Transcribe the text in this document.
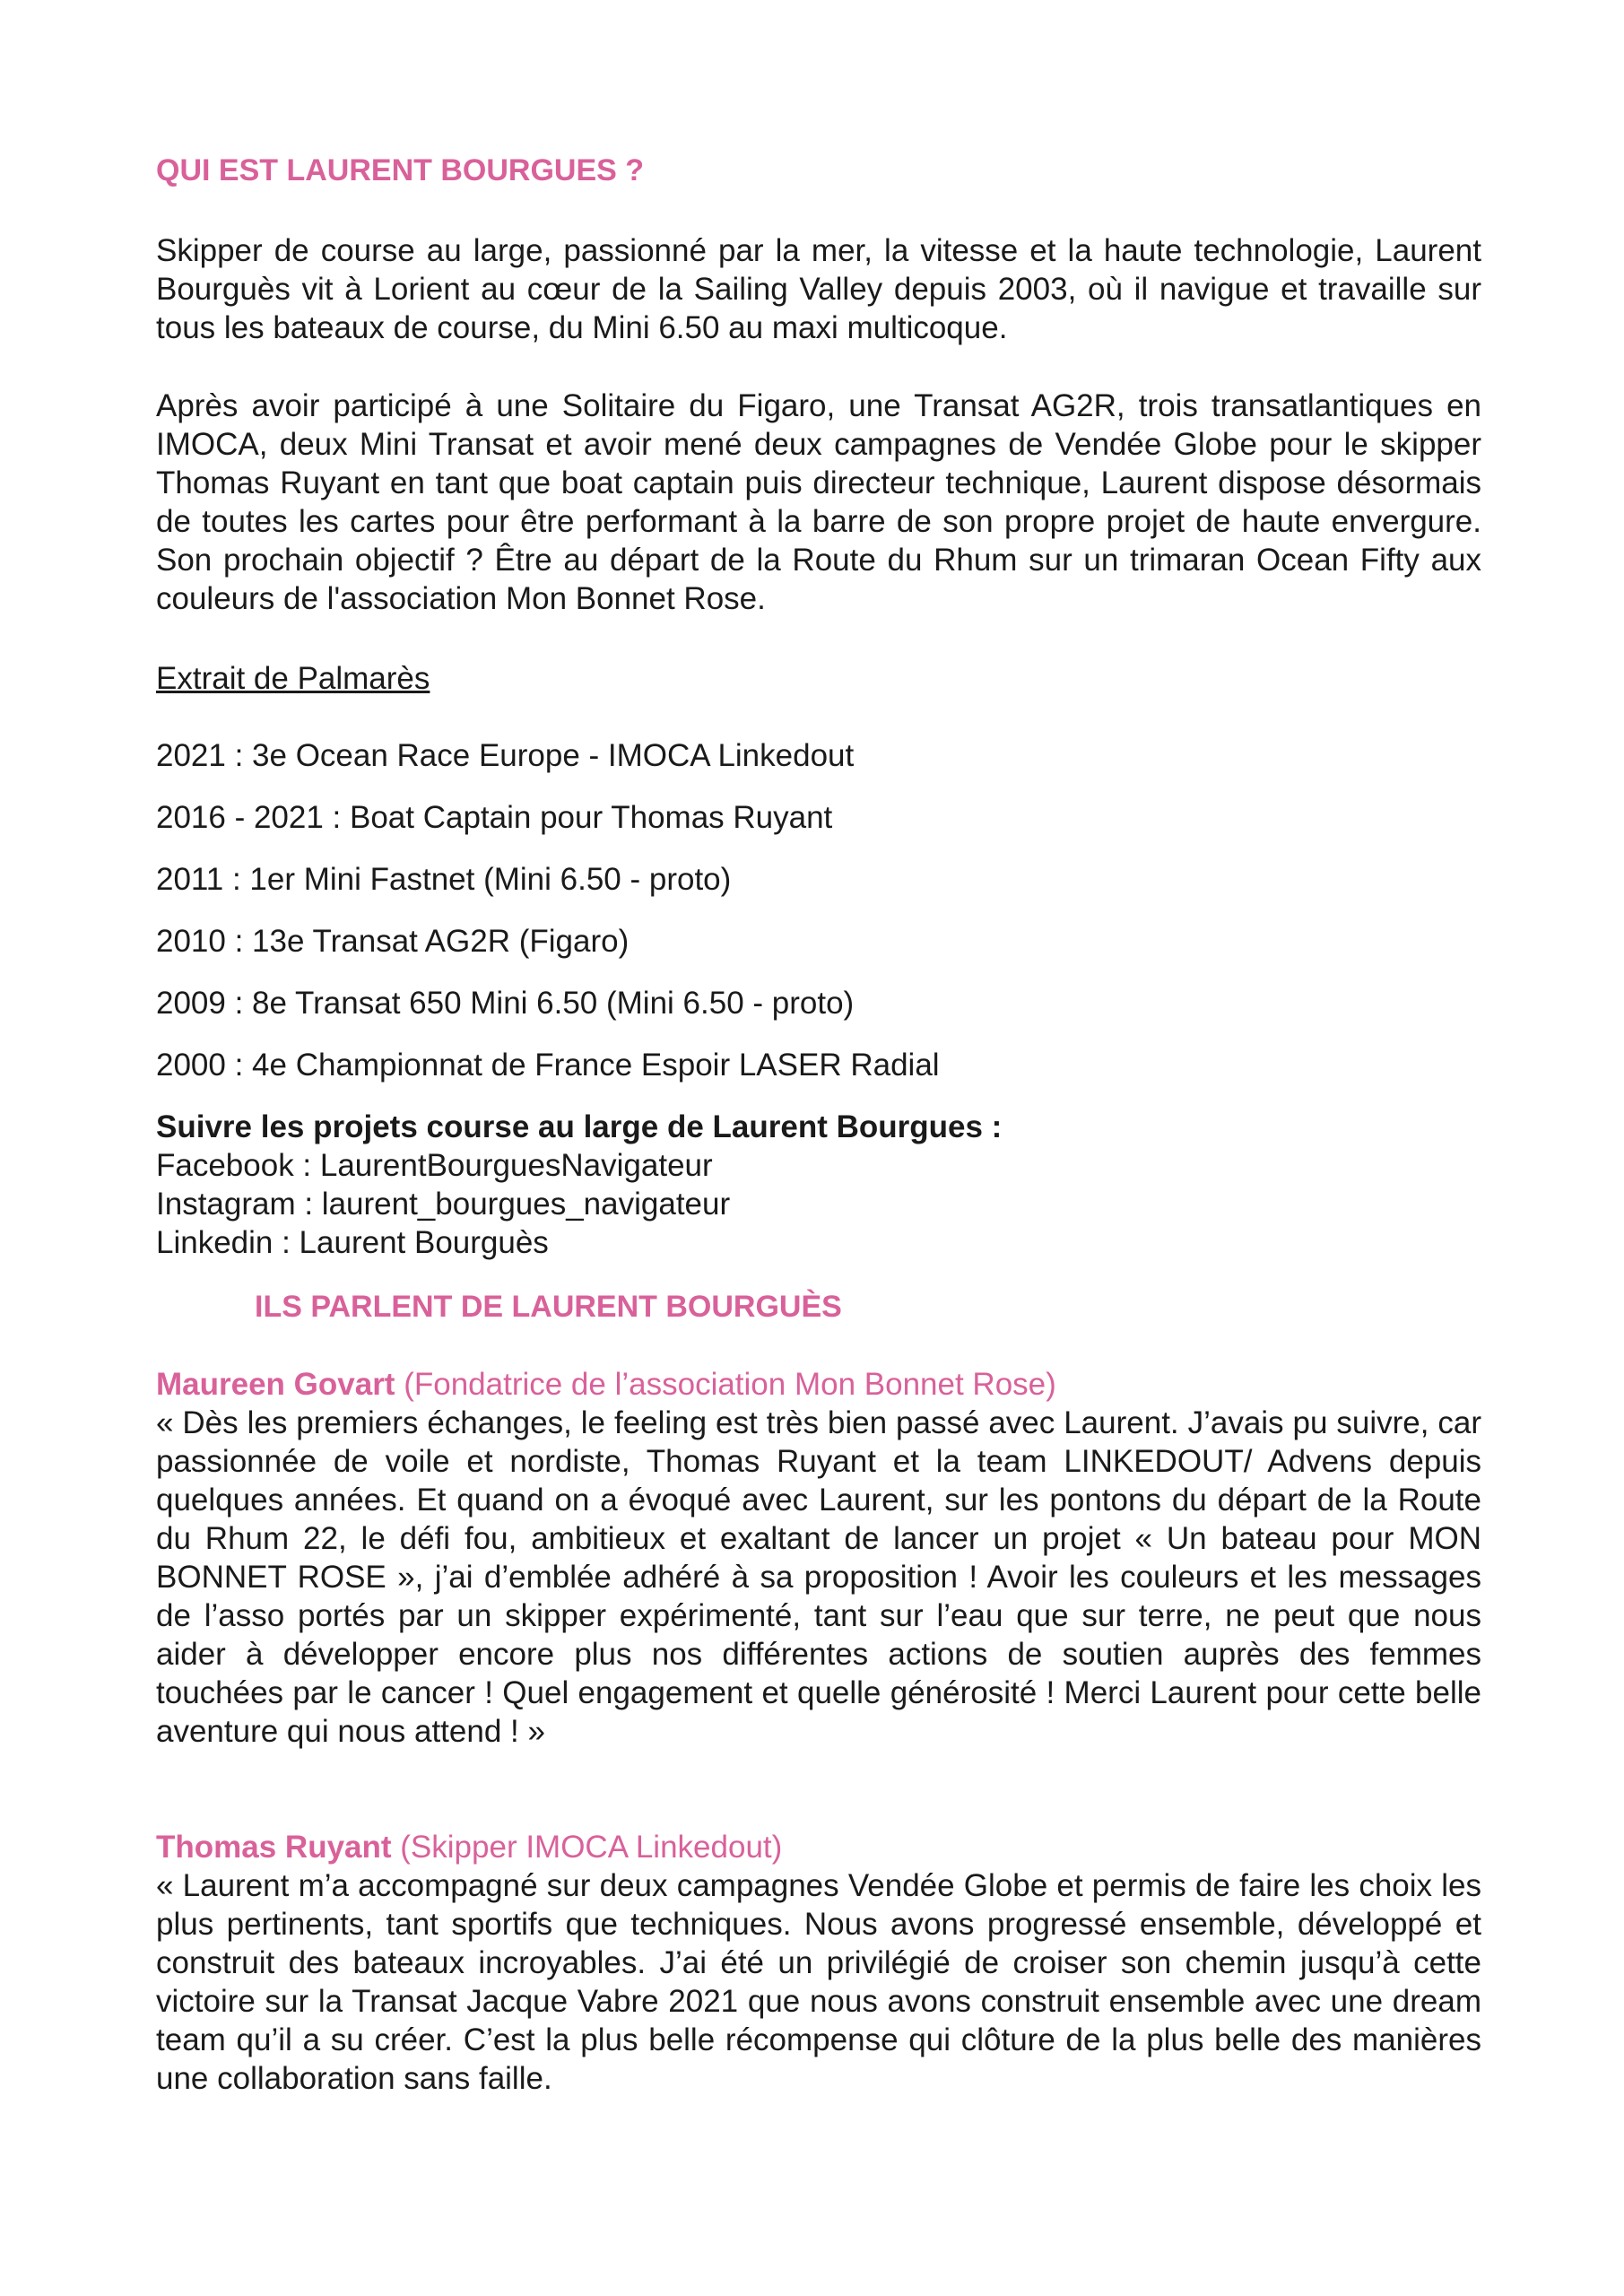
QUI EST LAURENT BOURGUES ?

Skipper de course au large, passionné par la mer, la vitesse et la haute technologie, Laurent Bourguès vit à Lorient au cœur de la Sailing Valley depuis 2003, où il navigue et travaille sur tous les bateaux de course, du Mini 6.50 au maxi multicoque.

Après avoir participé à une Solitaire du Figaro, une Transat AG2R, trois transatlantiques en IMOCA, deux Mini Transat et avoir mené deux campagnes de Vendée Globe pour le skipper Thomas Ruyant en tant que boat captain puis directeur technique, Laurent dispose désormais de toutes les cartes pour être performant à la barre de son propre projet de haute envergure. Son prochain objectif ? Être au départ de la Route du Rhum sur un trimaran Ocean Fifty aux couleurs de l'association Mon Bonnet Rose.

Extrait de Palmarès
2021 : 3e Ocean Race Europe - IMOCA Linkedout
2016 - 2021 : Boat Captain pour Thomas Ruyant
2011 : 1er Mini Fastnet (Mini 6.50 - proto)
2010 : 13e Transat AG2R (Figaro)
2009 : 8e Transat 650 Mini 6.50 (Mini 6.50 - proto)
2000 : 4e Championnat de France Espoir LASER Radial
Suivre les projets course au large de Laurent Bourgues :
Facebook : LaurentBourguesNavigateur
Instagram : laurent_bourgues_navigateur
Linkedin : Laurent Bourguès
ILS PARLENT DE LAURENT BOURGUÈS
Maureen Govart (Fondatrice de l’association Mon Bonnet Rose)

« Dès les premiers échanges, le feeling est très bien passé avec Laurent. J’avais pu suivre, car passionnée de voile et nordiste, Thomas Ruyant et la team LINKEDOUT/ Advens depuis quelques années. Et quand on a évoqué avec Laurent, sur les pontons du départ de la Route du Rhum 22, le défi fou, ambitieux et exaltant de lancer un projet « Un bateau pour MON BONNET ROSE », j’ai d’emblée adhéré à sa proposition ! Avoir les couleurs et les messages de l’asso portés par un skipper expérimenté, tant sur l’eau que sur terre, ne peut que nous aider à développer encore plus nos différentes actions de soutien auprès des femmes touchées par le cancer ! Quel engagement et quelle générosité ! Merci Laurent pour cette belle aventure qui nous attend ! »

Thomas Ruyant (Skipper IMOCA Linkedout)

« Laurent m’a accompagné sur deux campagnes Vendée Globe et permis de faire les choix les plus pertinents, tant sportifs que techniques. Nous avons progressé ensemble, développé et construit des bateaux incroyables. J’ai été un privilégié de croiser son chemin jusqu’à cette victoire sur la Transat Jacque Vabre 2021 que nous avons construit ensemble avec une dream team qu’il a su créer. C’est la plus belle récompense qui clôture de la plus belle des manières une collaboration sans faille.
